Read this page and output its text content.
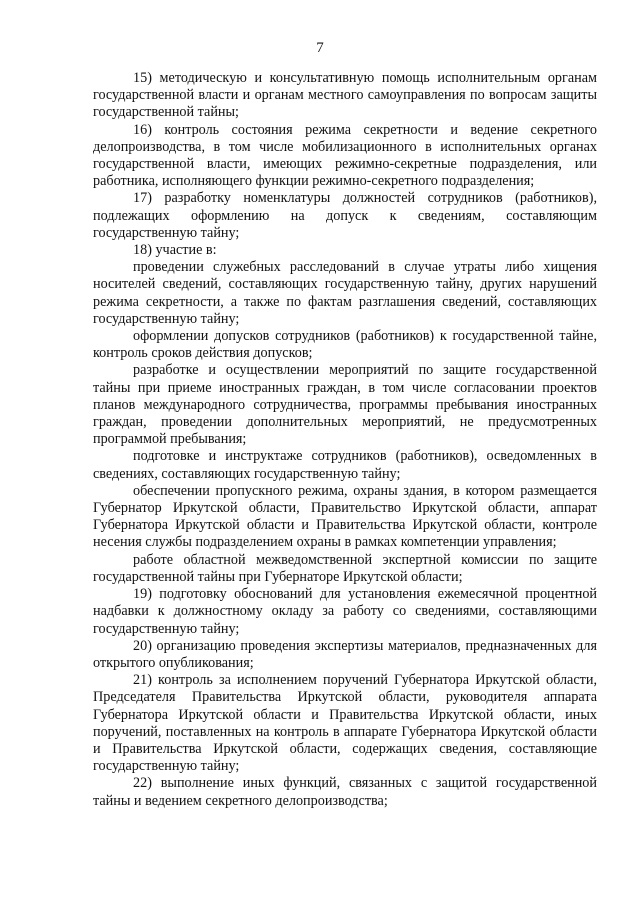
7

15) методическую и консультативную помощь исполнительным органам государственной власти и органам местного самоуправления по вопросам защиты государственной тайны;

16) контроль состояния режима секретности и ведение секретного делопроизводства, в том числе мобилизационного в исполнительных органах государственной власти, имеющих режимно-секретные подразделения, или работника, исполняющего функции режимно-секретного подразделения;

17) разработку номенклатуры должностей сотрудников (работников), подлежащих оформлению на допуск к сведениям, составляющим государственную тайну;

18) участие в:

проведении служебных расследований в случае утраты либо хищения носителей сведений, составляющих государственную тайну, других нарушений режима секретности, а также по фактам разглашения сведений, составляющих государственную тайну;

оформлении допусков сотрудников (работников) к государственной тайне, контроль сроков действия допусков;

разработке и осуществлении мероприятий по защите государственной тайны при приеме иностранных граждан, в том числе согласовании проектов планов международного сотрудничества, программы пребывания иностранных граждан, проведении дополнительных мероприятий, не предусмотренных программой пребывания;

подготовке и инструктаже сотрудников (работников), осведомленных в сведениях, составляющих государственную тайну;

обеспечении пропускного режима, охраны здания, в котором размещается Губернатор Иркутской области, Правительство Иркутской области, аппарат Губернатора Иркутской области и Правительства Иркутской области, контроле несения службы подразделением охраны в рамках компетенции управления;

работе областной межведомственной экспертной комиссии по защите государственной тайны при Губернаторе Иркутской области;

19) подготовку обоснований для установления ежемесячной процентной надбавки к должностному окладу за работу со сведениями, составляющими государственную тайну;

20) организацию проведения экспертизы материалов, предназначенных для открытого опубликования;

21) контроль за исполнением поручений Губернатора Иркутской области, Председателя Правительства Иркутской области, руководителя аппарата Губернатора Иркутской области и Правительства Иркутской области, иных поручений, поставленных на контроль в аппарате Губернатора Иркутской области и Правительства Иркутской области, содержащих сведения, составляющие государственную тайну;

22) выполнение иных функций, связанных с защитой государственной тайны и ведением секретного делопроизводства;
